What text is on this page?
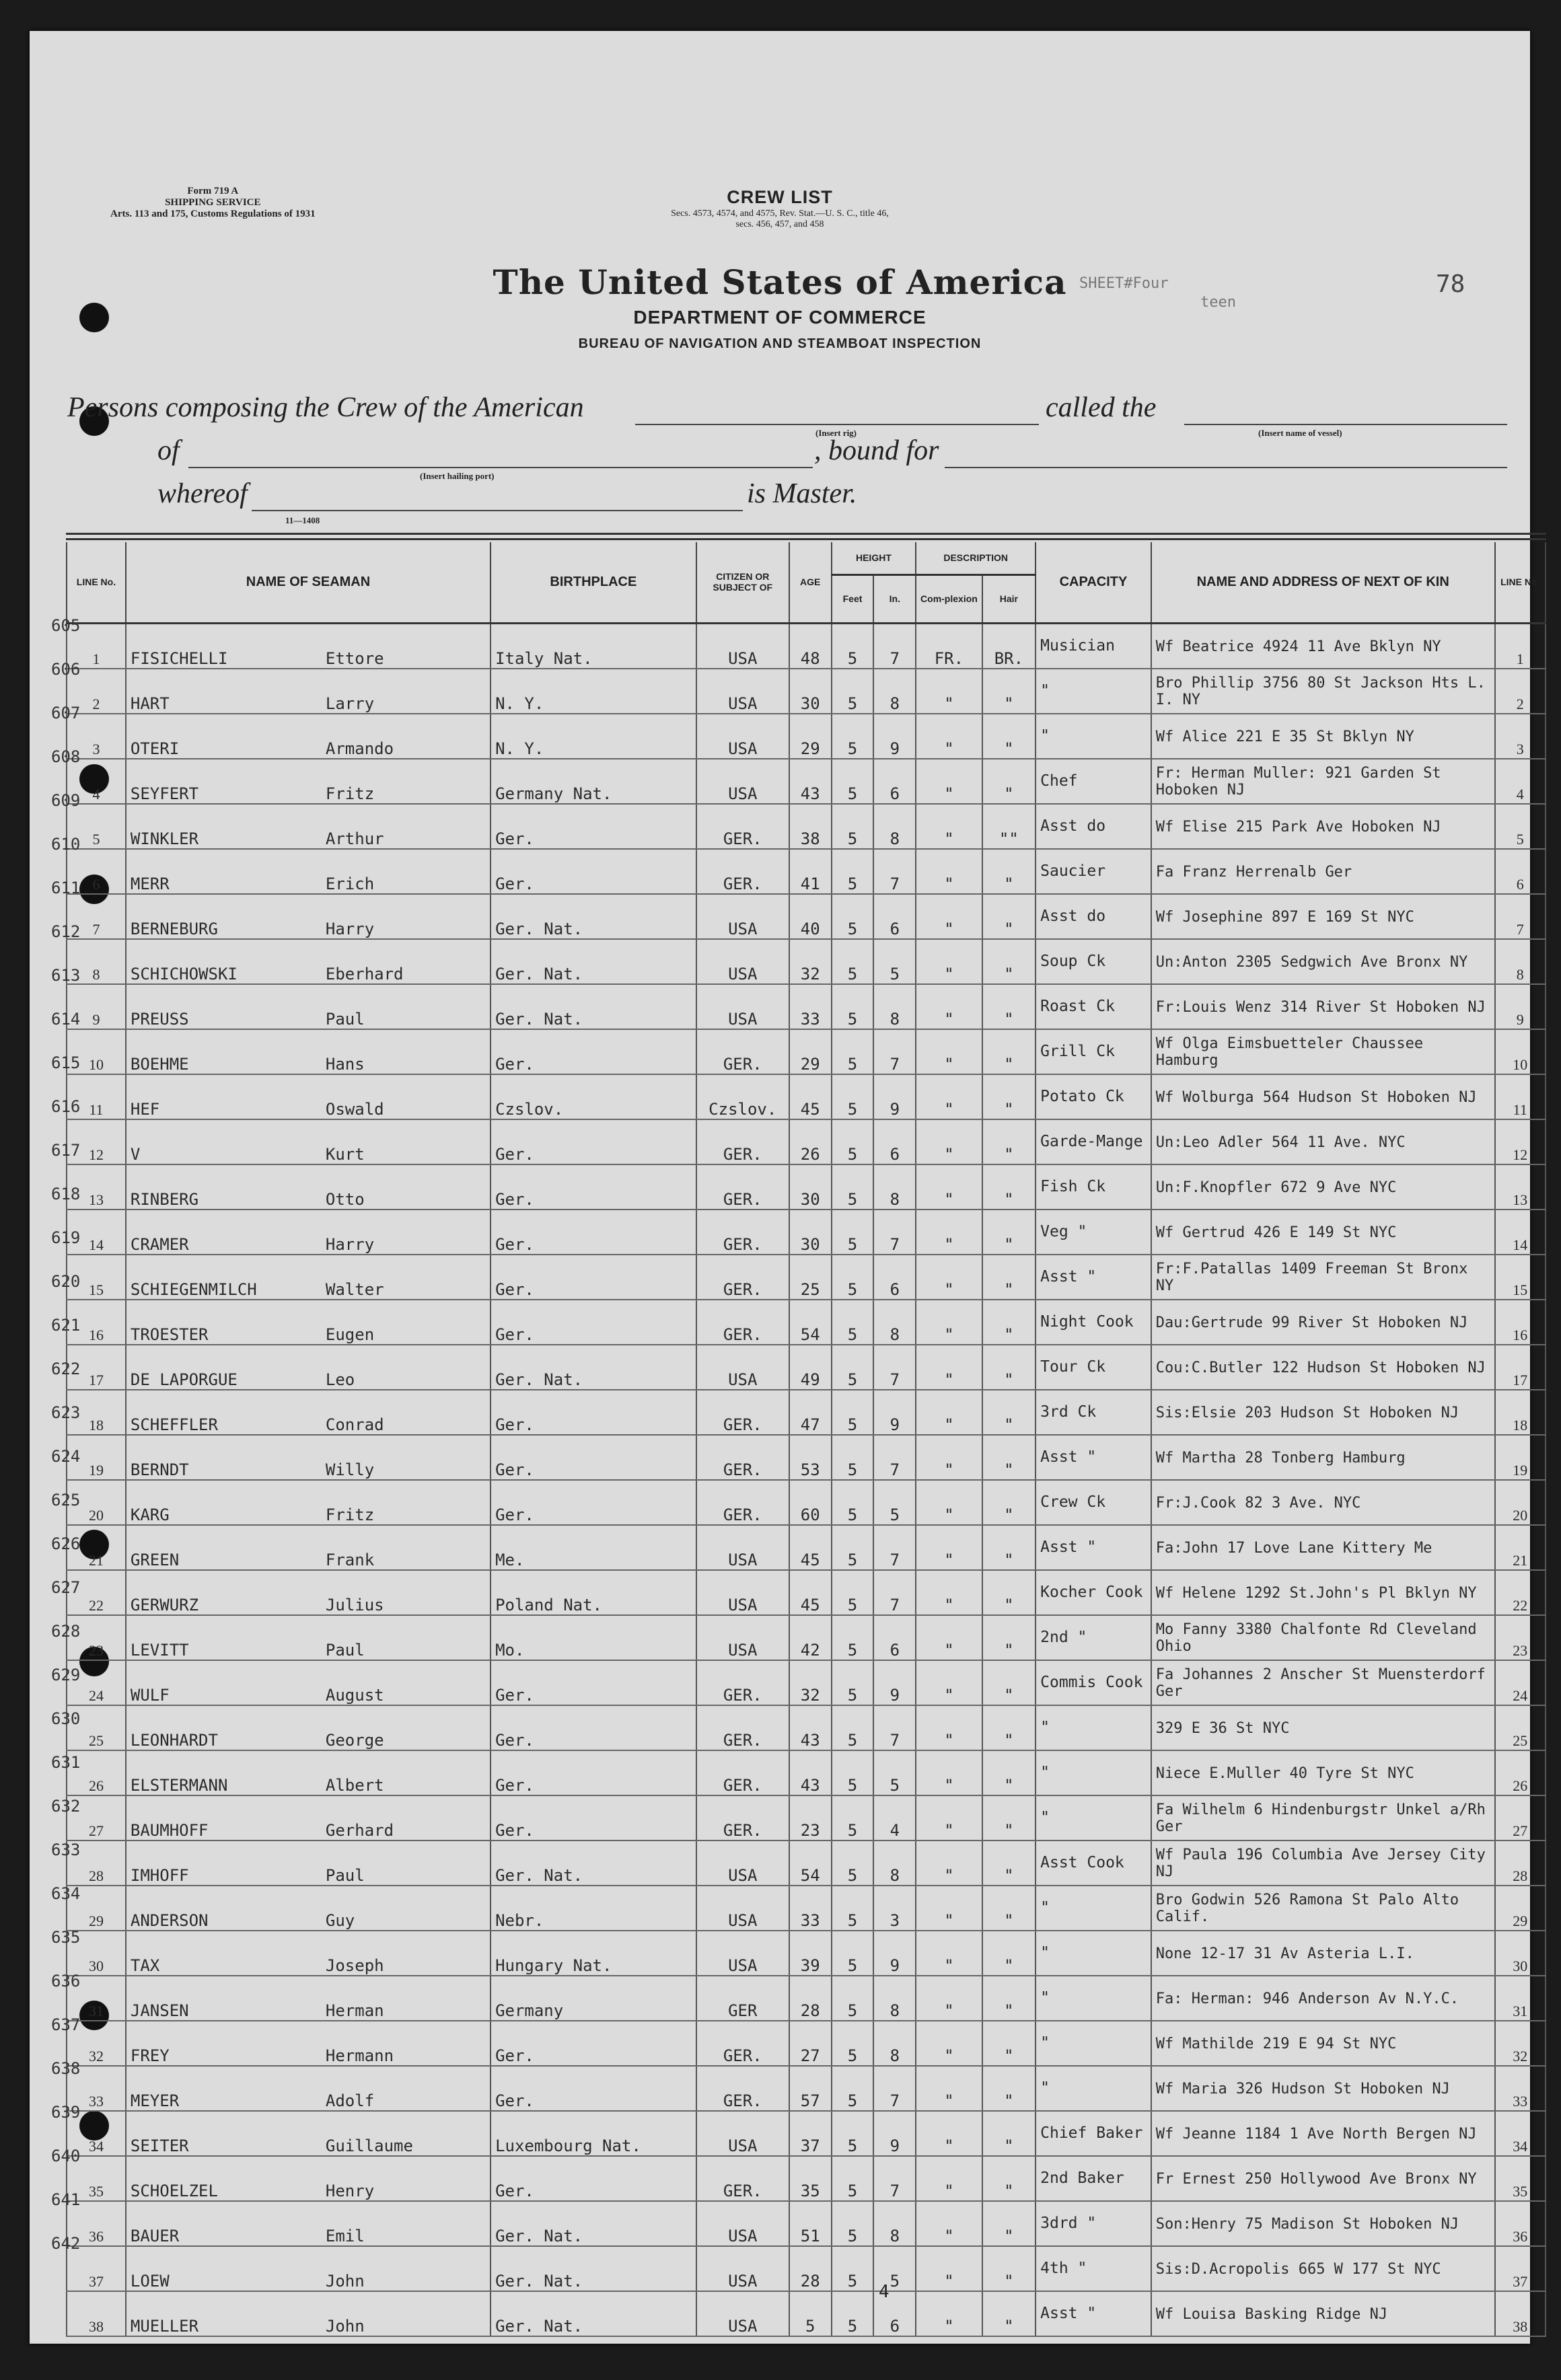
Form 719 A
SHIPPING SERVICE
Arts. 113 and 175, Customs Regulations of 1931
CREW LIST
Secs. 4573, 4574, and 4575, Rev. Stat.—U. S. C., title 46,
secs. 456, 457, and 458
The United States of America
DEPARTMENT OF COMMERCE
BUREAU OF NAVIGATION AND STEAMBOAT INSPECTION
SHEET#Four
teen
78
Persons composing the Crew of the American
(Insert rig)
called the
(Insert name of vessel)
of
(Insert hailing port)
, bound for
whereof
11—1408
is Master.
LINE No.	NAME OF SEAMAN	BIRTHPLACE	CITIZEN OR SUBJECT OF	AGE	HEIGHT		DESCRIPTION		CAPACITY	NAME AND ADDRESS OF NEXT OF KIN	LINE No.
					Feet	In.	Com-plexion	Hair			
1	FISICHELLI Ettore	Italy Nat.	USA	48	5	7	FR.	BR.	Musician	Wf Beatrice 4924 11 Ave Bklyn NY	1
2	HART Larry	N. Y.	USA	30	5	8	"	"	"	Bro Phillip 3756 80 St Jackson Hts L. I. NY	2
3	OTERI Armando	N. Y.	USA	29	5	9	"	"	"	Wf Alice 221 E 35 St Bklyn NY	3
4	SEYFERT Fritz	Germany Nat.	USA	43	5	6	"	"	Chef	Fr: Herman Muller: 921 Garden St Hoboken NJ	4
5	WINKLER Arthur	Ger.	GER.	38	5	8	"	""	Asst do	Wf Elise 215 Park Ave Hoboken NJ	5
6	MERR Erich	Ger.	GER.	41	5	7	"	"	Saucier	Fa Franz Herrenalb Ger	6
7	BERNEBURG Harry	Ger. Nat.	USA	40	5	6	"	"	Asst do	Wf Josephine 897 E 169 St NYC	7
8	SCHICHOWSKI Eberhard	Ger. Nat.	USA	32	5	5	"	"	Soup Ck	Un:Anton 2305 Sedgwich Ave Bronx NY	8
9	PREUSS Paul	Ger. Nat.	USA	33	5	8	"	"	Roast Ck	Fr:Louis Wenz 314 River St Hoboken NJ	9
10	BOEHME Hans	Ger.	GER.	29	5	7	"	"	Grill Ck	Wf Olga Eimsbuetteler Chaussee Hamburg	10
11	HEF Oswald	Czslov.	Czslov.	45	5	9	"	"	Potato Ck	Wf Wolburga 564 Hudson St Hoboken NJ	11
12	V Kurt	Ger.	GER.	26	5	6	"	"	Garde-Mange	Un:Leo Adler 564 11 Ave. NYC	12
13	RINBERG Otto	Ger.	GER.	30	5	8	"	"	Fish Ck	Un:F.Knopfler 672 9 Ave NYC	13
14	CRAMER Harry	Ger.	GER.	30	5	7	"	"	Veg "	Wf Gertrud 426 E 149 St NYC	14
15	SCHIEGENMILCH Walter	Ger.	GER.	25	5	6	"	"	Asst "	Fr:F.Patallas 1409 Freeman St Bronx NY	15
16	TROESTER Eugen	Ger.	GER.	54	5	8	"	"	Night Cook	Dau:Gertrude 99 River St Hoboken NJ	16
17	DE LAPORGUE Leo	Ger. Nat.	USA	49	5	7	"	"	Tour Ck	Cou:C.Butler 122 Hudson St Hoboken NJ	17
18	SCHEFFLER Conrad	Ger.	GER.	47	5	9	"	"	3rd Ck	Sis:Elsie 203 Hudson St Hoboken NJ	18
19	BERNDT Willy	Ger.	GER.	53	5	7	"	"	Asst "	Wf Martha 28 Tonberg Hamburg	19
20	KARG Fritz	Ger.	GER.	60	5	5	"	"	Crew Ck	Fr:J.Cook 82 3 Ave. NYC	20
21	GREEN Frank	Me.	USA	45	5	7	"	"	Asst "	Fa:John 17 Love Lane Kittery Me	21
22	GERWURZ Julius	Poland Nat.	USA	45	5	7	"	"	Kocher Cook	Wf Helene 1292 St.John's Pl Bklyn NY	22
23	LEVITT Paul	Mo.	USA	42	5	6	"	"	2nd "	Mo Fanny 3380 Chalfonte Rd Cleveland Ohio	23
24	WULF August	Ger.	GER.	32	5	9	"	"	Commis Cook	Fa Johannes 2 Anscher St Muensterdorf Ger	24
25	LEONHARDT George	Ger.	GER.	43	5	7	"	"	"	329 E 36 St NYC	25
26	ELSTERMANN Albert	Ger.	GER.	43	5	5	"	"	"	Niece E.Muller 40 Tyre St NYC	26
27	BAUMHOFF Gerhard	Ger.	GER.	23	5	4	"	"	"	Fa Wilhelm 6 Hindenburgstr Unkel a/Rh Ger	27
28	IMHOFF Paul	Ger. Nat.	USA	54	5	8	"	"	Asst Cook	Wf Paula 196 Columbia Ave Jersey City NJ	28
29	ANDERSON Guy	Nebr.	USA	33	5	3	"	"	"	Bro Godwin 526 Ramona St Palo Alto Calif.	29
30	TAX Joseph	Hungary Nat.	USA	39	5	9	"	"	"	None 12-17 31 Av Asteria L.I.	30
31	JANSEN Herman	Germany	GER	28	5	8	"	"	"	Fa: Herman: 946 Anderson Av N.Y.C.	31
32	FREY Hermann	Ger.	GER.	27	5	8	"	"	"	Wf Mathilde 219 E 94 St NYC	32
33	MEYER Adolf	Ger.	GER.	57	5	7	"	"	"	Wf Maria 326 Hudson St Hoboken NJ	33
34	SEITER Guillaume	Luxembourg Nat.	USA	37	5	9	"	"	Chief Baker	Wf Jeanne 1184 1 Ave North Bergen NJ	34
35	SCHOELZEL Henry	Ger.	GER.	35	5	7	"	"	2nd Baker	Fr Ernest 250 Hollywood Ave Bronx NY	35
36	BAUER Emil	Ger. Nat.	USA	51	5	8	"	"	3drd "	Son:Henry 75 Madison St Hoboken NJ	36
37	LOEW John	Ger. Nat.	USA	28	5	5	"	"	4th "	Sis:D.Acropolis 665 W 177 St NYC	37
38	MUELLER John	Ger. Nat.	USA	5	5	6	"	"	Asst "	Wf Louisa Basking Ridge NJ	38
4
605
606
607
608
609
610
611
612
613
614
615
616
617
618
619
620
621
622
623
624
625
626
627
628
629
630
631
632
633
634
635
636
637
638
639
640
641
642
